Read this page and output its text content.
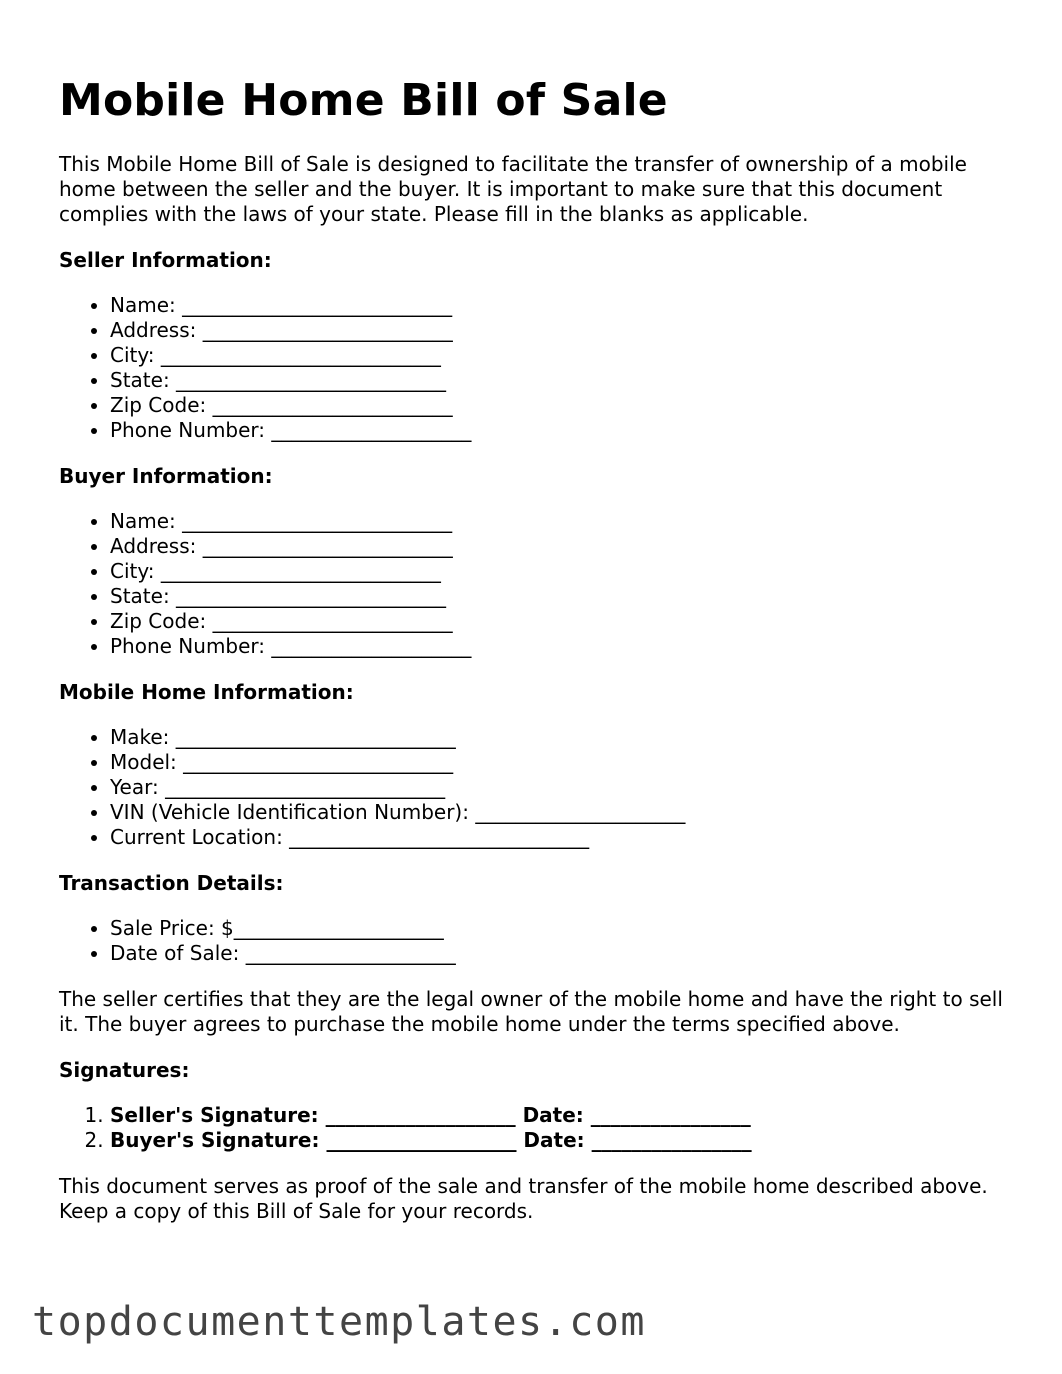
Mobile Home Bill of Sale

This Mobile Home Bill of Sale is designed to facilitate the transfer of ownership of a mobile home between the seller and the buyer. It is important to make sure that this document complies with the laws of your state. Please fill in the blanks as applicable.

Seller Information:
• Name: ___________________________
• Address: _________________________
• City: ____________________________
• State: ___________________________
• Zip Code: ________________________
• Phone Number: ____________________
Buyer Information:
• Name: ___________________________
• Address: _________________________
• City: ____________________________
• State: ___________________________
• Zip Code: ________________________
• Phone Number: ____________________
Mobile Home Information:
• Make: ____________________________
• Model: ___________________________
• Year: ____________________________
• VIN (Vehicle Identification Number): _____________________
• Current Location: ______________________________
Transaction Details:
• Sale Price: $_____________________
• Date of Sale: _____________________

The seller certifies that they are the legal owner of the mobile home and have the right to sell it. The buyer agrees to purchase the mobile home under the terms specified above.

Signatures:
1. Seller's Signature: ___________________ Date: ________________
2. Buyer's Signature: ___________________ Date: ________________

This document serves as proof of the sale and transfer of the mobile home described above. Keep a copy of this Bill of Sale for your records.

topdocumenttemplates.com
